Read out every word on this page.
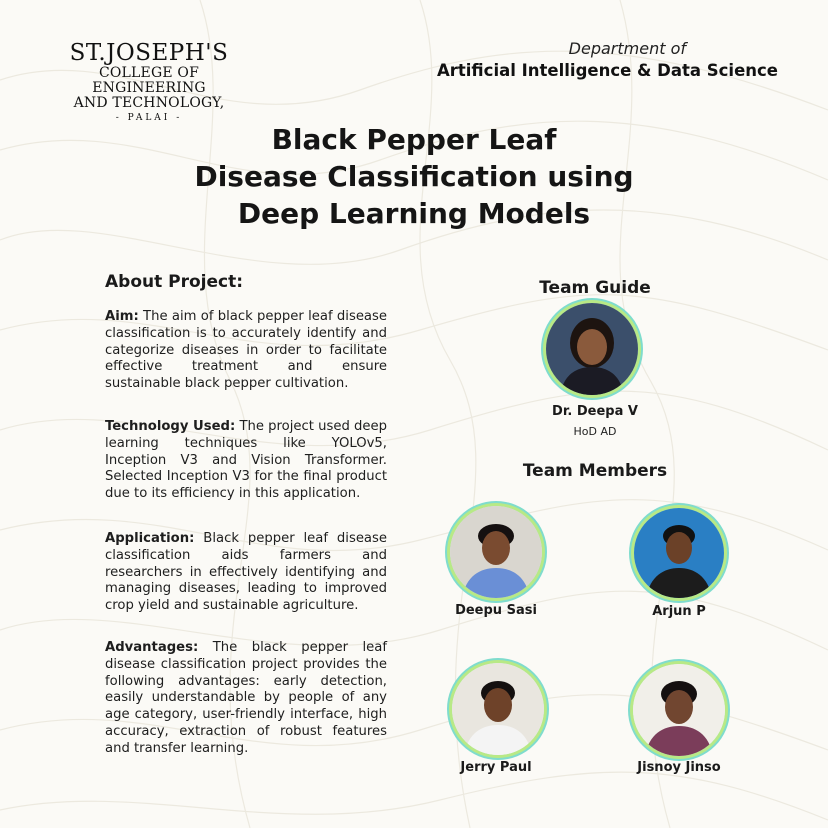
ST.JOSEPH'S
COLLEGE OF ENGINEERING
AND TECHNOLOGY,
- PALAI -
Department of
Artificial Intelligence & Data Science
Black Pepper Leaf
Disease Classification using
Deep Learning Models
About Project:
Aim: The aim of black pepper leaf disease classification is to accurately identify and categorize diseases in order to facilitate effective treatment and ensure sustainable black pepper cultivation.
Technology Used: The project used deep learning techniques like YOLOv5, Inception V3 and Vision Transformer. Selected Inception V3 for the final product due to its efficiency in this application.
Application: Black pepper leaf disease classification aids farmers and researchers in effectively identifying and managing diseases, leading to improved crop yield and sustainable agriculture.
Advantages: The black pepper leaf disease classification project provides the following advantages: early detection, easily understandable by people of any age category, user-friendly interface, high accuracy, extraction of robust features and transfer learning.
Team Guide
Dr. Deepa V
HoD AD
Team Members
Deepu Sasi	Arjun P
Jerry Paul	Jisnoy Jinso
